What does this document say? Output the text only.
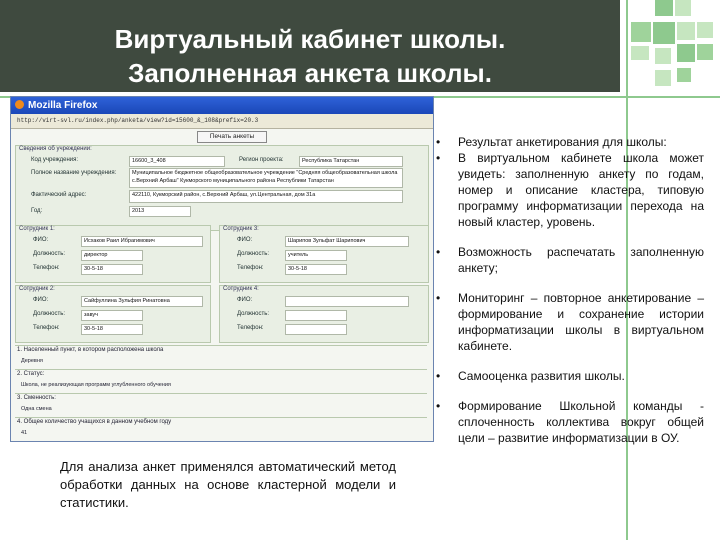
Виртуальный кабинет школы.
Заполненная анкета школы.
Mozilla Firefox
http://virt-svl.ru/index.php/anketa/view?id=15600_&_108&prefix=20.3
Печать анкеты
Сведения об учреждении:
Код учреждения:	16600_3_408	Регион проекта:	Республика Татарстан
Полное название учреждения:	Муниципальное бюджетное общеобразовательное учреждение "Средняя общеобразовательная школа с.Верхний Арбаш" Кукморского муниципального района Республики Татарстан
Фактический адрес:	422110, Кукморский район, с.Верхний Арбаш, ул.Центральная, дом 31а
Год:	2013
Сотрудник 1:
ФИО:	Исхаков Раил Ибрагимович
Должность:	директор
Телефон:	30-5-18
Сотрудник 3:
ФИО:	Шарипов Зульфат Шарипович
Должность:	учитель
Телефон:	30-5-18
Сотрудник 2:
ФИО:	Сайфуллина Зульфия Ринатовна
Должность:	завуч
Телефон:	30-5-18
Сотрудник 4:
ФИО:
Должность:
Телефон:
1. Населенный пункт, в котором расположена школа
Деревня
2. Статус:
Школа, не реализующая программ углубленного обучения
3. Сменность:
Одна смена
4. Общее количество учащихся в данном учебном году
41
Для анализа анкет применялся автоматический метод обработки данных на основе кластерной модели и статистики.
• Результат анкетирования для школы:
• В виртуальном кабинете школа может увидеть: заполненную анкету по годам, номер и описание кластера, типовую программу информатизации перехода на новый кластер, уровень.
• Возможность распечатать заполненную анкету;
• Мониторинг – повторное анкетирование – формирование и сохранение истории информатизации школы в виртуальном кабинете.
• Самооценка развития школы.
• Формирование Школьной команды - сплоченность коллектива вокруг общей цели – развитие информатизации в ОУ.
